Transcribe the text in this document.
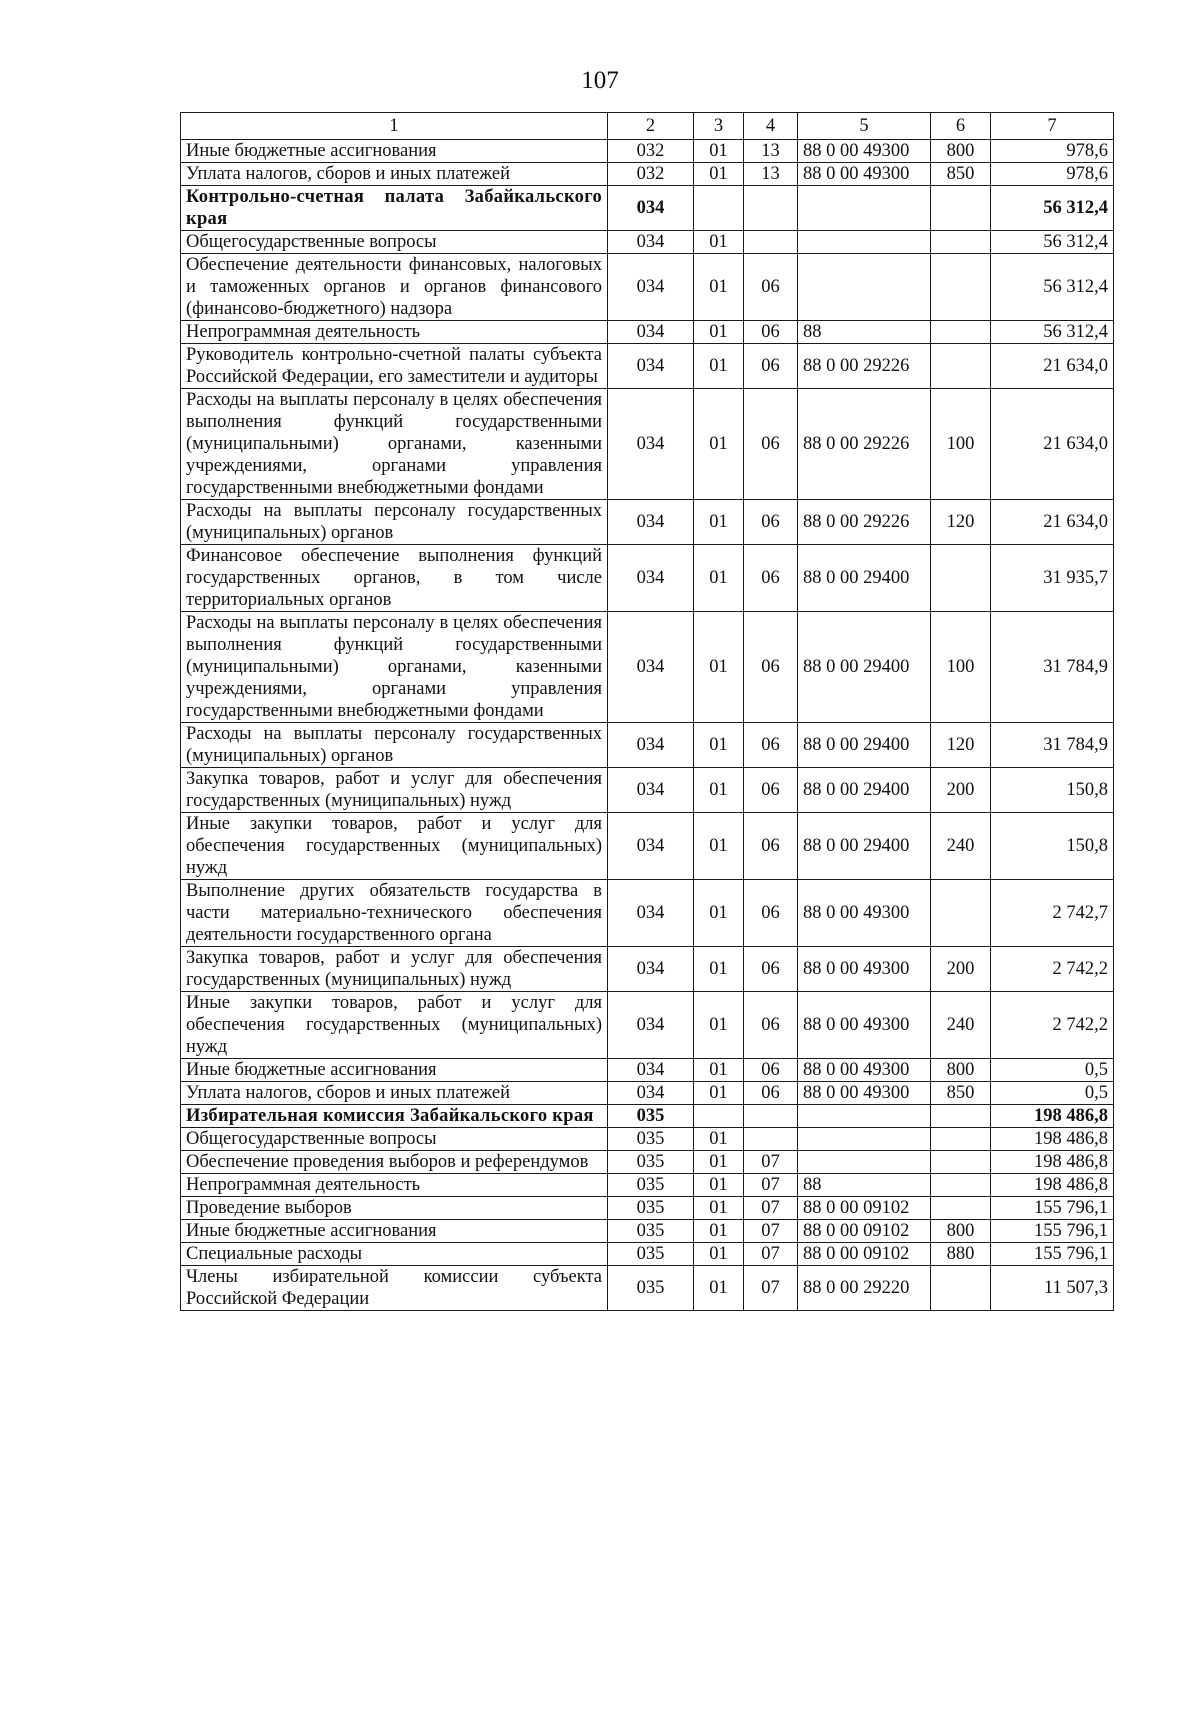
107
1	2	3	4	5	6	7
Иные бюджетные ассигнования	032	01	13	88 0 00 49300	800	978,6
Уплата налогов, сборов и иных платежей	032	01	13	88 0 00 49300	850	978,6
Контрольно-счетная палата Забайкальского края	034					56 312,4
Общегосударственные вопросы	034	01				56 312,4
Обеспечение деятельности финансовых, налоговых и таможенных органов и органов финансового (финансово-бюджетного) надзора	034	01	06			56 312,4
Непрограммная деятельность	034	01	06	88		56 312,4
Руководитель контрольно-счетной палаты субъекта Российской Федерации, его заместители и аудиторы	034	01	06	88 0 00 29226		21 634,0
Расходы на выплаты персоналу в целях обеспечения выполнения функций государственными (муниципальными) органами, казенными учреждениями, органами управления государственными внебюджетными фондами	034	01	06	88 0 00 29226	100	21 634,0
Расходы на выплаты персоналу государственных (муниципальных) органов	034	01	06	88 0 00 29226	120	21 634,0
Финансовое обеспечение выполнения функций государственных органов, в том числе территориальных органов	034	01	06	88 0 00 29400		31 935,7
Расходы на выплаты персоналу в целях обеспечения выполнения функций государственными (муниципальными) органами, казенными учреждениями, органами управления государственными внебюджетными фондами	034	01	06	88 0 00 29400	100	31 784,9
Расходы на выплаты персоналу государственных (муниципальных) органов	034	01	06	88 0 00 29400	120	31 784,9
Закупка товаров, работ и услуг для обеспечения государственных (муниципальных) нужд	034	01	06	88 0 00 29400	200	150,8
Иные закупки товаров, работ и услуг для обеспечения государственных (муниципальных) нужд	034	01	06	88 0 00 29400	240	150,8
Выполнение других обязательств государства в части материально-технического обеспечения деятельности государственного органа	034	01	06	88 0 00 49300		2 742,7
Закупка товаров, работ и услуг для обеспечения государственных (муниципальных) нужд	034	01	06	88 0 00 49300	200	2 742,2
Иные закупки товаров, работ и услуг для обеспечения государственных (муниципальных) нужд	034	01	06	88 0 00 49300	240	2 742,2
Иные бюджетные ассигнования	034	01	06	88 0 00 49300	800	0,5
Уплата налогов, сборов и иных платежей	034	01	06	88 0 00 49300	850	0,5
Избирательная комиссия Забайкальского края	035					198 486,8
Общегосударственные вопросы	035	01				198 486,8
Обеспечение проведения выборов и референдумов	035	01	07			198 486,8
Непрограммная деятельность	035	01	07	88		198 486,8
Проведение выборов	035	01	07	88 0 00 09102		155 796,1
Иные бюджетные ассигнования	035	01	07	88 0 00 09102	800	155 796,1
Специальные расходы	035	01	07	88 0 00 09102	880	155 796,1
Члены избирательной комиссии субъекта Российской Федерации	035	01	07	88 0 00 29220		11 507,3
